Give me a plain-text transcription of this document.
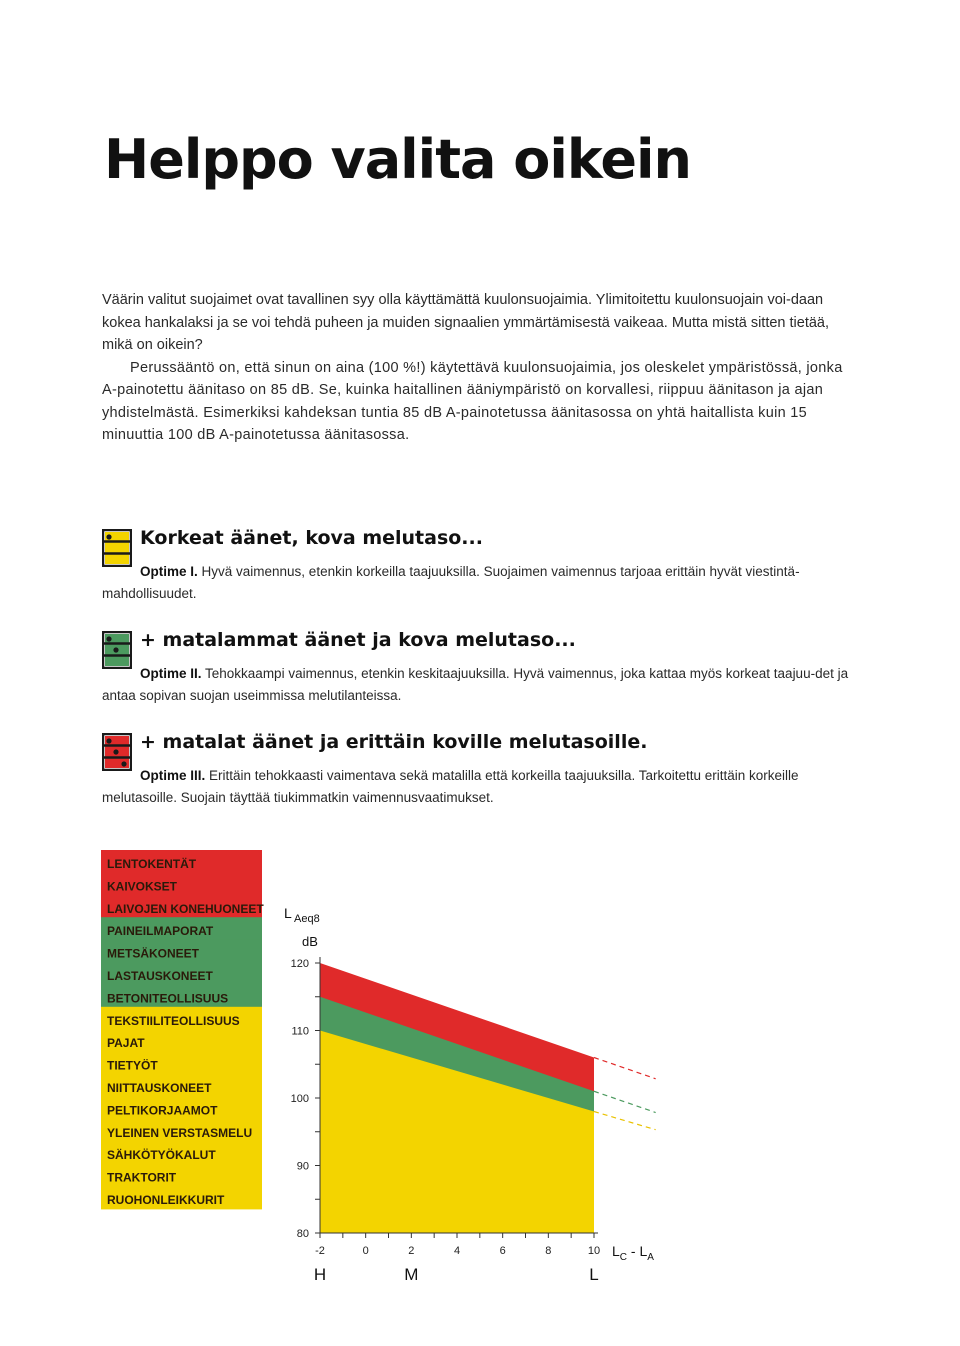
Helppo valita oikein

Väärin valitut suojaimet ovat tavallinen syy olla käyttämättä kuulonsuojaimia. Ylimitoitettu kuulonsuojain voi-daan kokea hankalaksi ja se voi tehdä puheen ja muiden signaalien ymmärtämisestä vaikeaa. Mutta mistä sitten tietää, mikä on oikein?

Perussääntö on, että sinun on aina (100 %!) käytettävä kuulonsuojaimia, jos oleskelet ympäristössä, jonka A-painotettu äänitaso on 85 dB. Se, kuinka haitallinen ääniympäristö on korvallesi, riippuu äänitason ja ajan yhdistelmästä. Esimerkiksi kahdeksan tuntia 85 dB A-painotetussa äänitasossa on yhtä haitallista kuin 15 minuuttia 100 dB A-painotetussa äänitasossa.

Korkeat äänet, kova melutaso...

Optime I. Hyvä vaimennus, etenkin korkeilla taajuuksilla. Suojaimen vaimennus tarjoaa erittäin hyvät viestintä-mahdollisuudet.

+ matalammat äänet ja kova melutaso...

Optime II. Tehokkaampi vaimennus, etenkin keskitaajuuksilla. Hyvä vaimennus, joka kattaa myös korkeat taajuu-det ja antaa sopivan suojan useimmissa melutilanteissa.

+ matalat äänet ja erittäin koville melutasoille.

Optime III. Erittäin tehokkaasti vaimentava sekä matalilla että korkeilla taajuuksilla. Tarkoitettu erittäin korkeille melutasoille. Suojain täyttää tiukimmatkin vaimennusvaatimukset.

LENTOKENTÄT
KAIVOKSET
LAIVOJEN KONEHUONEET
PAINEILMAPORAT
METSÄKONEET
LASTAUSKONEET
BETONITEOLLISUUS
TEKSTIILITEOLLISUUS
PAJAT
TIETYÖT
NIITTAUSKONEET
PELTIKORJAAMOT
YLEINEN VERSTASMELU
SÄHKÖTYÖKALUT
TRAKTORIT
RUOHONLEIKKURIT
120
110
100
90
80
-2	0	2	4	6	8	10
H	M	L
L Aeq8
dB
$L_C - L_A$
